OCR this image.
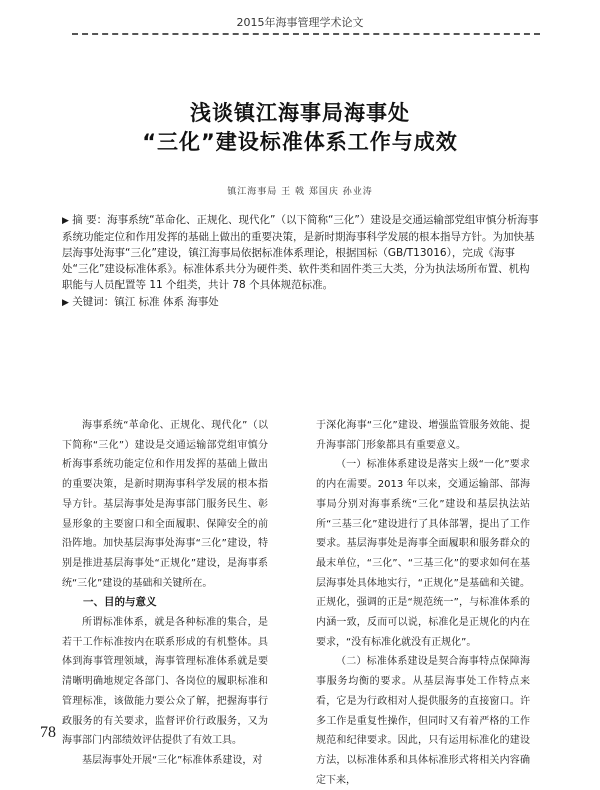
2015年海事管理学术论文
浅谈镇江海事局海事处
“三化”建设标准体系工作与成效
镇江海事局 王 戟 郑国庆 孙业涛
▶ 摘 要：海事系统“革命化、正规化、现代化”（以下简称“三化”）建设是交通运输部党组审慎分析海事系统功能定位和作用发挥的基础上做出的重要决策，是新时期海事科学发展的根本指导方针。为加快基层海事处海事“三化”建设，镇江海事局依据标准体系理论，根据国标（GB/T13016），完成《海事处“三化”建设标准体系》。标准体系共分为硬件类、软件类和固件类三大类，分为执法场所布置、机构职能与人员配置等 11 个组类，共计 78 个具体规范标准。
▶ 关键词：镇江 标准 体系 海事处

海事系统“革命化、正规化、现代化”（以下简称“三化”）建设是交通运输部党组审慎分析海事系统功能定位和作用发挥的基础上做出的重要决策，是新时期海事科学发展的根本指导方针。基层海事处是海事部门服务民生、彰显形象的主要窗口和全面履职、保障安全的前沿阵地。加快基层海事处海事“三化”建设，特别是推进基层海事处“正规化”建设，是海事系统“三化”建设的基础和关键所在。

一、目的与意义

所谓标准体系，就是各种标准的集合，是若干工作标准按内在联系形成的有机整体。具体到海事管理领域，海事管理标准体系就是要清晰明确地规定各部门、各岗位的履职标准和管理标准，该做能力要公众了解，把握海事行政服务的有关要求，监督评价行政服务，又为海事部门内部绩效评估提供了有效工具。

基层海事处开展“三化”标准体系建设，对

于深化海事“三化”建设、增强监管服务效能、提升海事部门形象都具有重要意义。

（一）标准体系建设是落实上级“一化”要求的内在需要。2013 年以来，交通运输部、部海事局分别对海事系统“三化”建设和基层执法站所“三基三化”建设进行了具体部署，提出了工作要求。基层海事处是海事全面履职和服务群众的最末单位，“三化”、“三基三化”的要求如何在基层海事处具体地实行，“正规化”是基础和关键。正规化，强调的正是“规范统一”，与标准体系的内涵一致，反而可以说，标准化是正规化的内在要求，“没有标准化就没有正规化”。

（二）标准体系建设是契合海事特点保障海事服务均衡的要求。从基层海事处工作特点来看，它是为行政相对人提供服务的直接窗口。许多工作是重复性操作，但同时又有着严格的工作规范和纪律要求。因此，只有运用标准化的建设方法，以标准体系和具体标准形式将相关内容确定下来，

78
